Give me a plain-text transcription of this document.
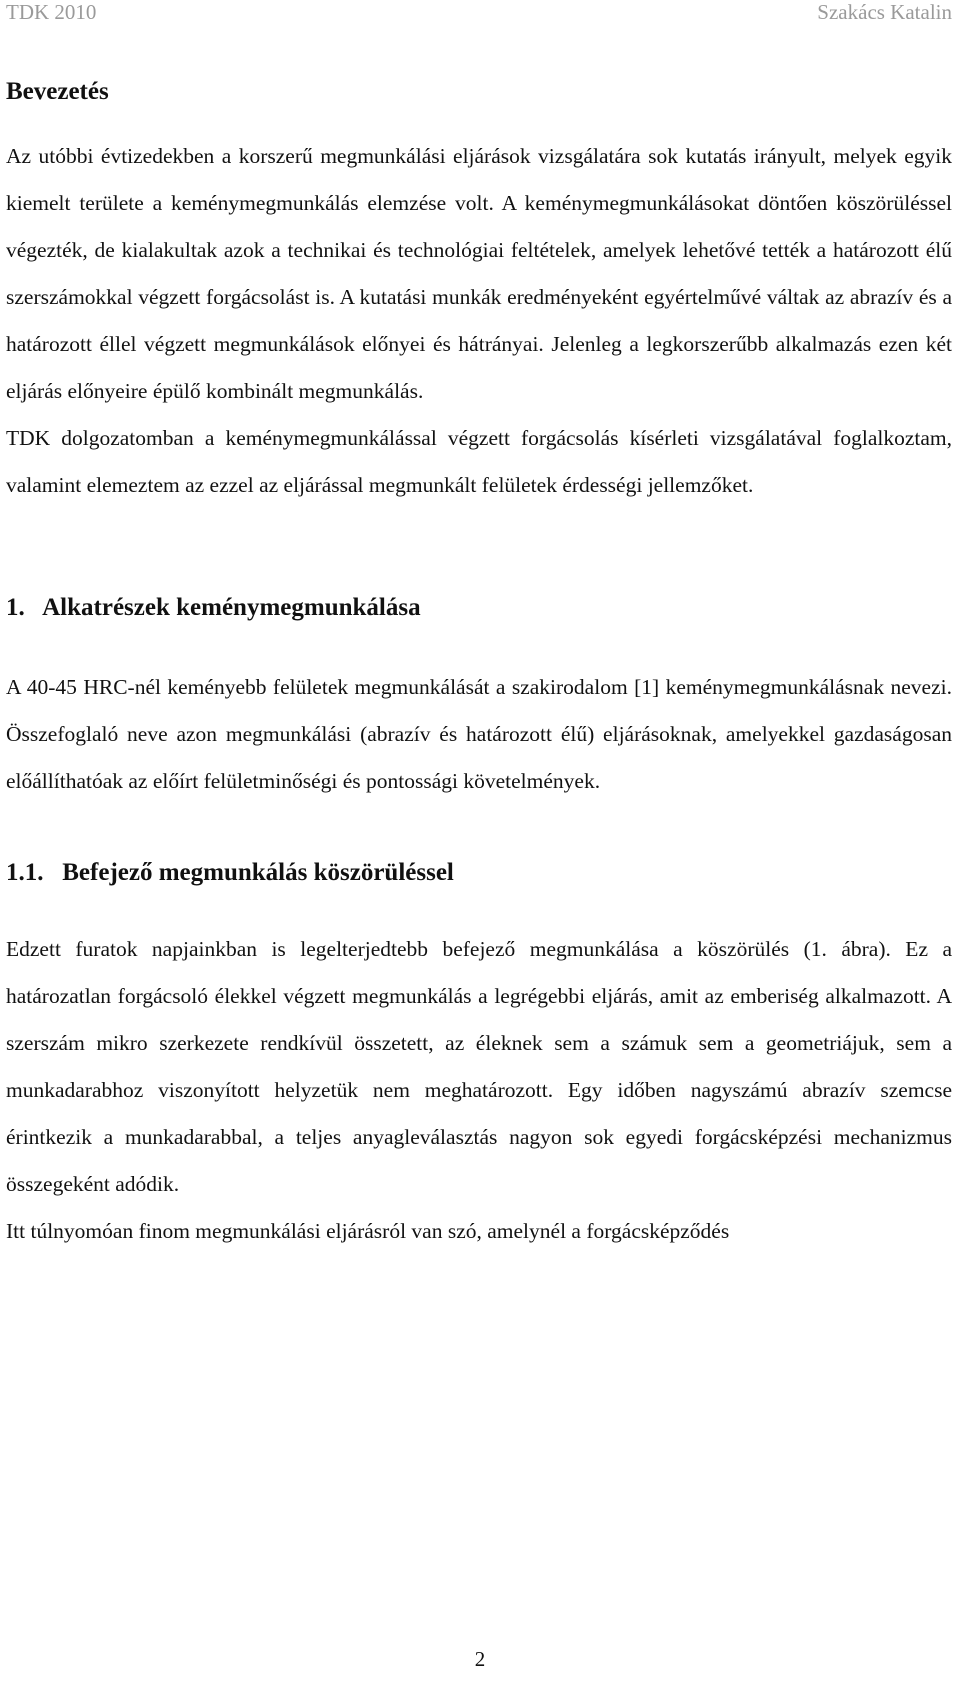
TDK 2010	Szakács Katalin
Bevezetés

Az utóbbi évtizedekben a korszerű megmunkálási eljárások vizsgálatára sok kutatás irányult, melyek egyik kiemelt területe a keménymegmunkálás elemzése volt. A keménymegmunkálásokat döntően köszörüléssel végezték, de kialakultak azok a technikai és technológiai feltételek, amelyek lehetővé tették a határozott élű szerszámokkal végzett forgácsolást is. A kutatási munkák eredményeként egyértelművé váltak az abrazív és a határozott éllel végzett megmunkálások előnyei és hátrányai. Jelenleg a legkorszerűbb alkalmazás ezen két eljárás előnyeire épülő kombinált megmunkálás.

TDK dolgozatomban a keménymegmunkálással végzett forgácsolás kísérleti vizsgálatával foglalkoztam, valamint elemeztem az ezzel az eljárással megmunkált felületek érdességi jellemzőket.

1.   Alkatrészek keménymegmunkálása

A 40-45 HRC-nél keményebb felületek megmunkálását a szakirodalom [1] keménymegmunkálásnak nevezi. Összefoglaló neve azon megmunkálási (abrazív és határozott élű) eljárásoknak, amelyekkel gazdaságosan előállíthatóak az előírt felületminőségi és pontossági követelmények.

1.1.   Befejező megmunkálás köszörüléssel

Edzett furatok napjainkban is legelterjedtebb befejező megmunkálása a köszörülés (1. ábra). Ez a határozatlan forgácsoló élekkel végzett megmunkálás a legrégebbi eljárás, amit az emberiség alkalmazott. A szerszám mikro szerkezete rendkívül összetett, az éleknek sem a számuk sem a geometriájuk, sem a munkadarabhoz viszonyított helyzetük nem meghatározott. Egy időben nagyszámú abrazív szemcse érintkezik a munkadarabbal, a teljes anyagleválasztás nagyon sok egyedi forgácsképzési mechanizmus összegeként adódik.

Itt túlnyomóan finom megmunkálási eljárásról van szó, amelynél a forgácsképződés

2
